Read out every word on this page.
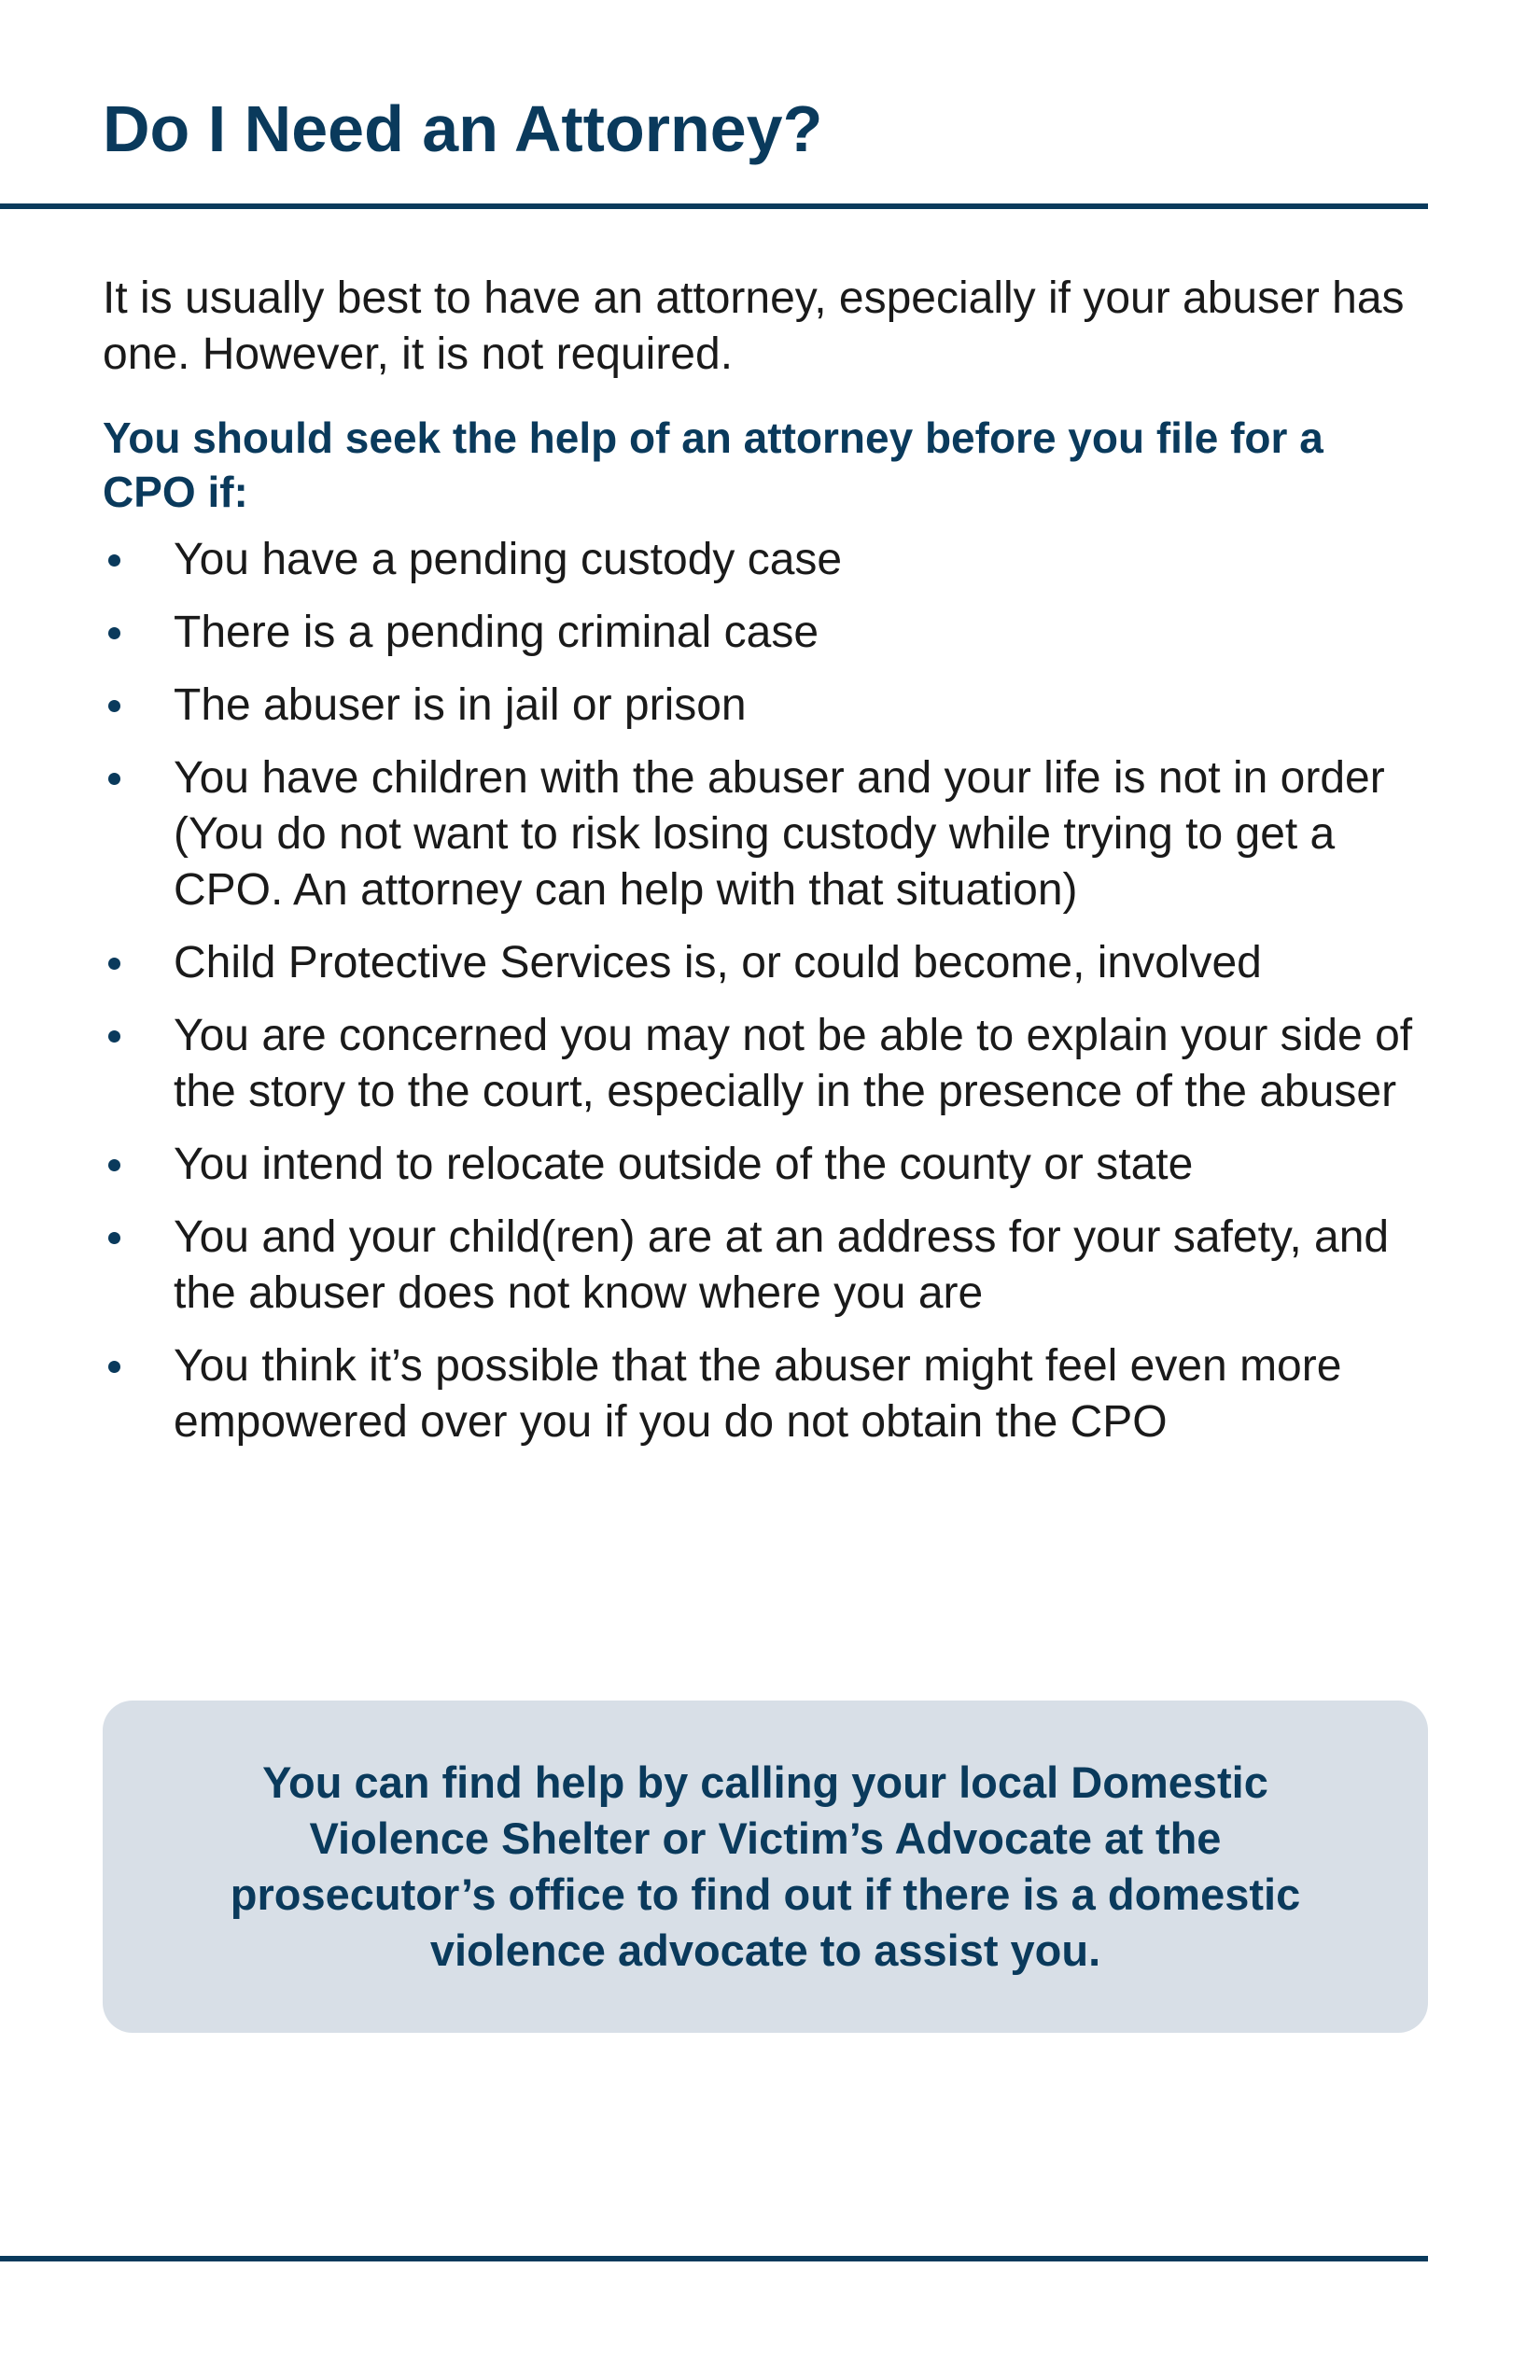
Do I Need an Attorney?

It is usually best to have an attorney, especially if your abuser has one. However, it is not required.

You should seek the help of an attorney before you file for a CPO if:

You have a pending custody case
There is a pending criminal case
The abuser is in jail or prison
You have children with the abuser and your life is not in order (You do not want to risk losing custody while trying to get a CPO. An attorney can help with that situation)
Child Protective Services is, or could become, involved
You are concerned you may not be able to explain your side of the story to the court, especially in the presence of the abuser
You intend to relocate outside of the county or state
You and your child(ren) are at an address for your safety, and the abuser does not know where you are
You think it’s possible that the abuser might feel even more empowered over you if you do not obtain the CPO

You can find help by calling your local Domestic Violence Shelter or Victim’s Advocate at the prosecutor’s office to find out if there is a domestic violence advocate to assist you.
